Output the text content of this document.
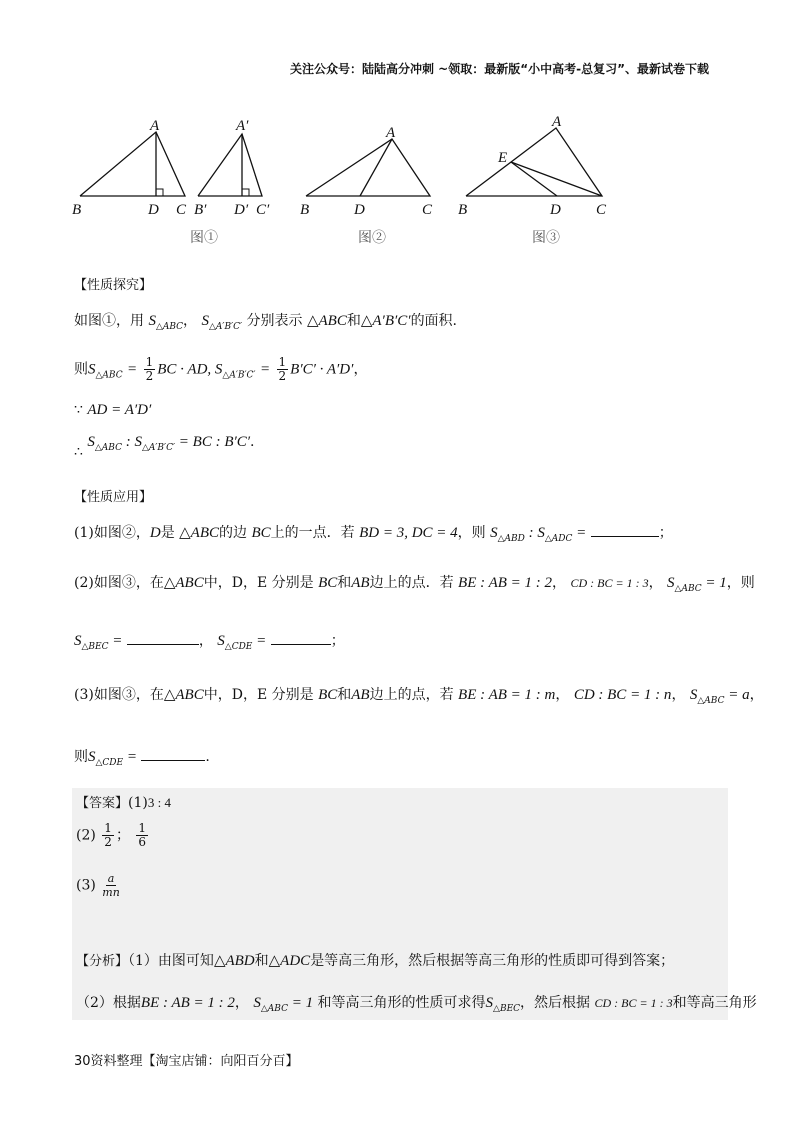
关注公众号：陆陆高分冲刺 ~领取：最新版“小中高考-总复习”、最新试卷下载
A
B	D C
A′
B′ D′ C′
图①
A
B	D	C
图②
A
E
B	D C
图③
【性质探究】
如图①，用 $S_{\triangle ABC}$， $S_{\triangle A'B'C'}$ 分别表示 △ABC和△A′B′C′的面积.
则$S_{\triangle ABC} = \frac{1}{2}$ BC · AD, $S_{\triangle A'B'C'} = \frac{1}{2} B'C' \cdot A'D'$，
∵ AD = A′D′
∴ $S_{\triangle ABC}$ : $S_{\triangle A'B'C'}$ = BC : B′C′.
【性质应用】
(1)如图②，D是 △ABC的边 BC上的一点．若 BD = 3, DC = 4，则 $S_{\triangle ABD}$ : $S_{\triangle ADC}$ =	；
(2)如图③，在△ABC中，D，E 分别是 BC和AB边上的点．若 BE : AB = 1 : 2， CD : BC = 1 : 3， $S_{\triangle ABC} = 1$，则
$S_{\triangle BEC}$ =	， $S_{\triangle CDE}$ =	；
(3)如图③，在△ABC中，D，E 分别是 BC和AB边上的点，若 BE : AB = 1 : m， CD : BC = 1 : n， $S_{\triangle ABC} = a$，
则$S_{\triangle CDE}$ =	.
【答案】(1)3 : 4
$(2) \frac{1}{2}$ ； $\frac{1}{6}$
$(3) \frac{a}{mn}$
【分析】（1）由图可知△ABD和△ADC是等高三角形，然后根据等高三角形的性质即可得到答案；
（2）根据BE : AB = 1 : 2， $S_{\triangle ABC} = 1$ 和等高三角形的性质可求得$S_{\triangle BEC}$，然后根据 CD : BC = 1 : 3和等高三角形
30资料整理【淘宝店铺：向阳百分百】
